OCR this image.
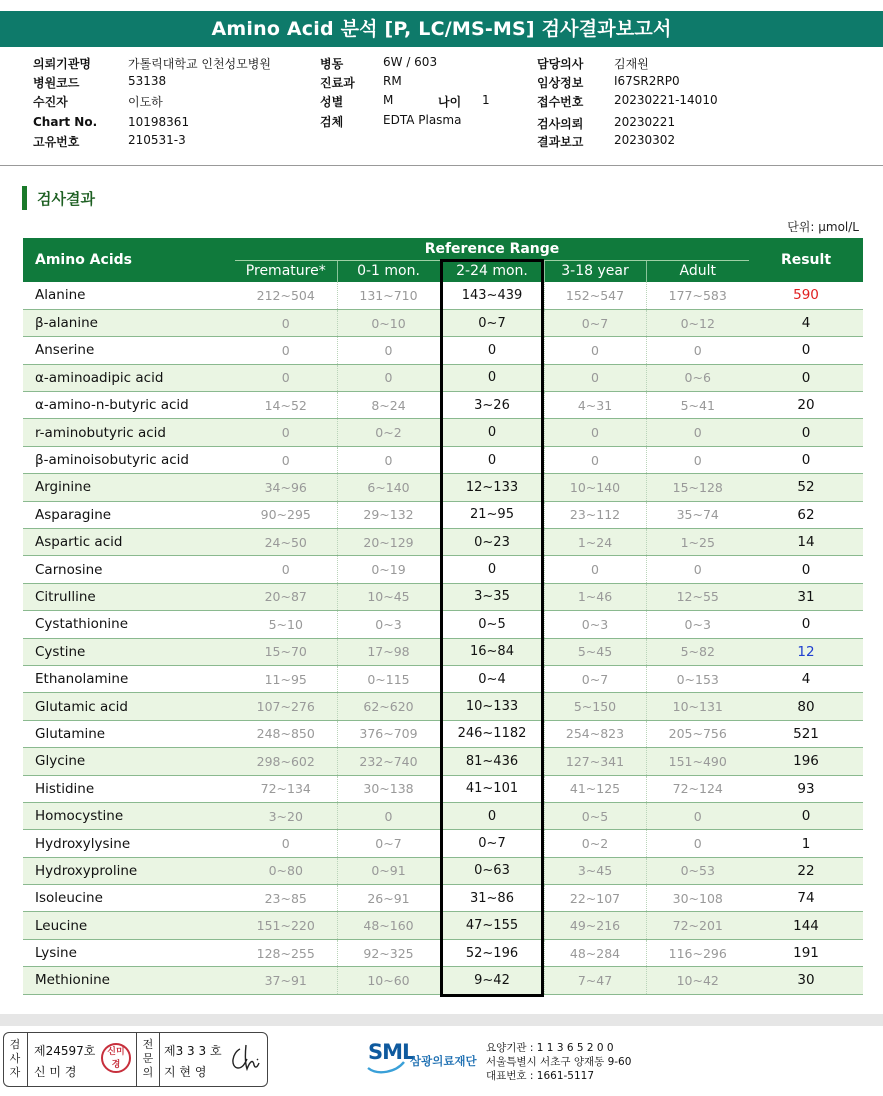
Amino Acid 분석 [P, LC/MS-MS] 검사결과보고서
의뢰기관명	가톨릭대학교 인천성모병원
병원코드	53138
수진자	이도하
Chart No.	10198361
고유번호	210531-3
병동	6W / 603
진료과 RM
성별	M	나이 1
검체	EDTA Plasma
담당의사	김재원
임상정보	I67SR2RP0
접수번호	20230221-14010
검사의뢰	20230221
결과보고	20230302
검사결과
단위: μmol/L
Amino Acids	Reference Range					Result
	Premature*	0-1 mon.	2-24 mon.	3-18 year	Adult	
Alanine	212~504	131~710	143~439	152~547	177~583	590
β-alanine	0	0~10	0~7	0~7	0~12	4
Anserine	0	0	0	0	0	0
α-aminoadipic acid	0	0	0	0	0~6	0
α-amino-n-butyric acid	14~52	8~24	3~26	4~31	5~41	20
r-aminobutyric acid	0	0~2	0	0	0	0
β-aminoisobutyric acid	0	0	0	0	0	0
Arginine	34~96	6~140	12~133	10~140	15~128	52
Asparagine	90~295	29~132	21~95	23~112	35~74	62
Aspartic acid	24~50	20~129	0~23	1~24	1~25	14
Carnosine	0	0~19	0	0	0	0
Citrulline	20~87	10~45	3~35	1~46	12~55	31
Cystathionine	5~10	0~3	0~5	0~3	0~3	0
Cystine	15~70	17~98	16~84	5~45	5~82	12
Ethanolamine	11~95	0~115	0~4	0~7	0~153	4
Glutamic acid	107~276	62~620	10~133	5~150	10~131	80
Glutamine	248~850	376~709	246~1182	254~823	205~756	521
Glycine	298~602	232~740	81~436	127~341	151~490	196
Histidine	72~134	30~138	41~101	41~125	72~124	93
Homocystine	3~20	0	0	0~5	0	0
Hydroxylysine	0	0~7	0~7	0~2	0	1
Hydroxyproline	0~80	0~91	0~63	3~45	0~53	22
Isoleucine	23~85	26~91	31~86	22~107	30~108	74
Leucine	151~220	48~160	47~155	49~216	72~201	144
Lysine	128~255	92~325	52~196	48~284	116~296	191
Methionine	37~91	10~60	9~42	7~47	10~42	30
검
사
자
제24597호
신 미 경
신미경
전
문
의
제3 3 3 호
지 현 영
SML
삼광의료재단
요양기관 : 1 1 3 6 5 2 0 0
서울특별시 서초구 양재동 9-60
대표번호 : 1661-5117
